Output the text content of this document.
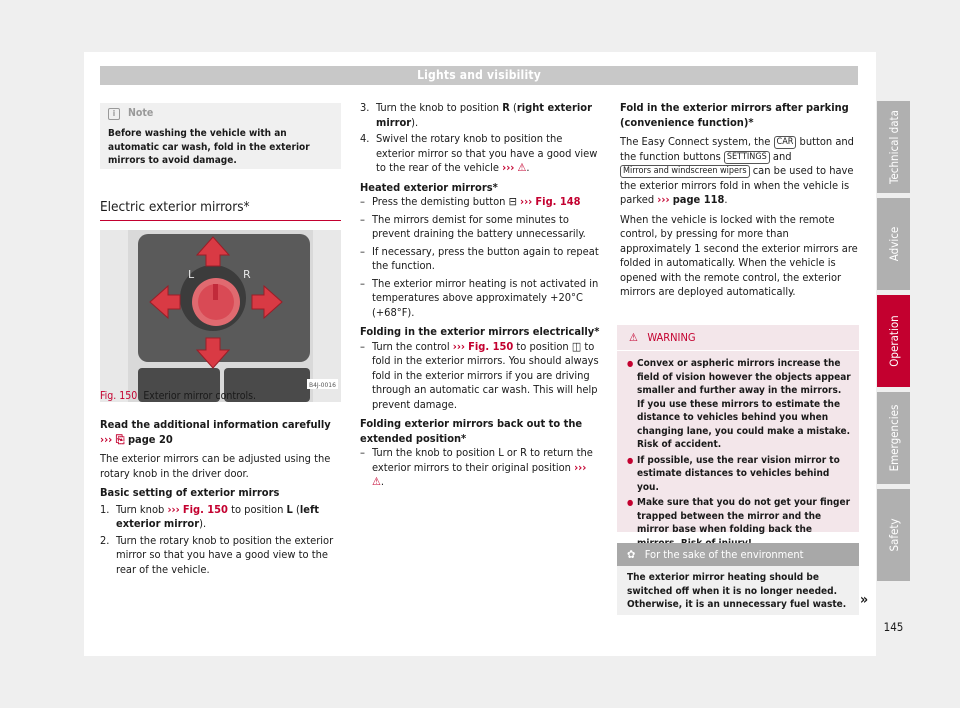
Lights and visibility
i Note
Before washing the vehicle with an automatic car wash, fold in the exterior mirrors to avoid damage.
Electric exterior mirrors*
L	R
B4J-0016
Fig. 150 Exterior mirror controls.

Read the additional information carefully
››› ⎘ page 20

The exterior mirrors can be adjusted using the rotary knob in the driver door.

Basic setting of exterior mirrors

1. Turn knob ››› Fig. 150 to position L (left exterior mirror).

2. Turn the rotary knob to position the exterior mirror so that you have a good view to the rear of the vehicle.

3. Turn the knob to position R (right exterior mirror).

4. Swivel the rotary knob to position the exterior mirror so that you have a good view to the rear of the vehicle ››› ⚠.

Heated exterior mirrors*

– Press the demisting button ⊟ ››› Fig. 148

– The mirrors demist for some minutes to prevent draining the battery unnecessarily.

– If necessary, press the button again to repeat the function.

– The exterior mirror heating is not activated in temperatures above approximately +20°C (+68°F).

Folding in the exterior mirrors electrically*

– Turn the control ››› Fig. 150 to position ◫ to fold in the exterior mirrors. You should always fold in the exterior mirrors if you are driving through an automatic car wash. This will help prevent damage.

Folding exterior mirrors back out to the extended position*

– Turn the knob to position L or R to return the exterior mirrors to their original position ››› ⚠.

Fold in the exterior mirrors after parking (convenience function)*

The Easy Connect system, the CAR button and the function buttons SETTINGS and Mirrors and windscreen wipers can be used to have the exterior mirrors fold in when the vehicle is parked ››› page 118.

When the vehicle is locked with the remote control, by pressing for more than approximately 1 second the exterior mirrors are folded in automatically. When the vehicle is opened with the remote control, the exterior mirrors are deployed automatically.

⚠ WARNING
● Convex or aspheric mirrors increase the field of vision however the objects appear smaller and further away in the mirrors. If you use these mirrors to estimate the distance to vehicles behind you when changing lane, you could make a mistake. Risk of accident.
● If possible, use the rear vision mirror to estimate distances to vehicles behind you.
● Make sure that you do not get your finger trapped between the mirror and the mirror base when folding back the
✿ For the sake of the environment
The exterior mirror heating should be switched off when it is no longer needed. Otherwise, it is an unnecessary fuel waste. »
Technical data
Advice
Operation
Emergencies
Safety
145
